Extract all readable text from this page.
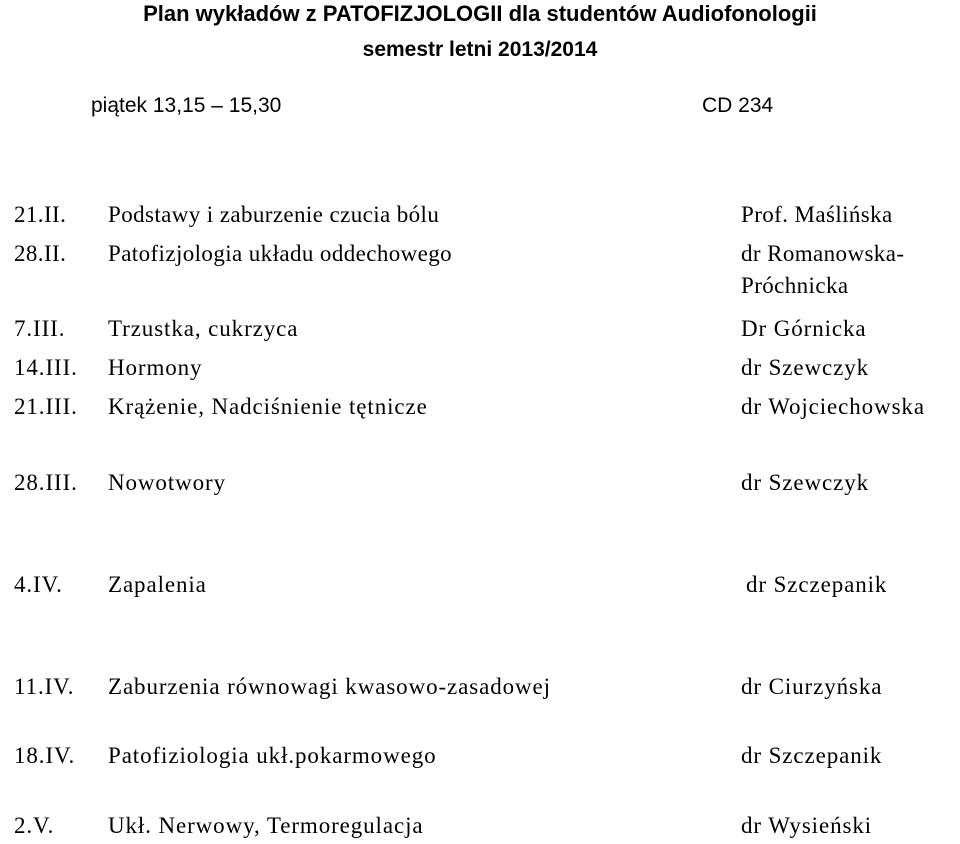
Plan wykładów z PATOFIZJOLOGII dla studentów Audiofonologii
semestr letni 2013/2014
piątek 13,15 – 15,30	CD 234
21.II. Podstawy i zaburzenie czucia bólu	Prof. Maślińska
28.II. Patofizjologia układu oddechowego	dr Romanowska-
Próchnicka
7.III. Trzustka, cukrzyca	Dr Górnicka
14.III. Hormony	dr Szewczyk
21.III. Krążenie, Nadciśnienie tętnicze	dr Wojciechowska
28.III. Nowotwory	dr Szewczyk
4.IV. Zapalenia	dr Szczepanik
11.IV. Zaburzenia równowagi kwasowo-zasadowej	dr Ciurzyńska
18.IV. Patofiziologia ukł.pokarmowego	dr Szczepanik
2.V. Ukł. Nerwowy, Termoregulacja	dr Wysieński
